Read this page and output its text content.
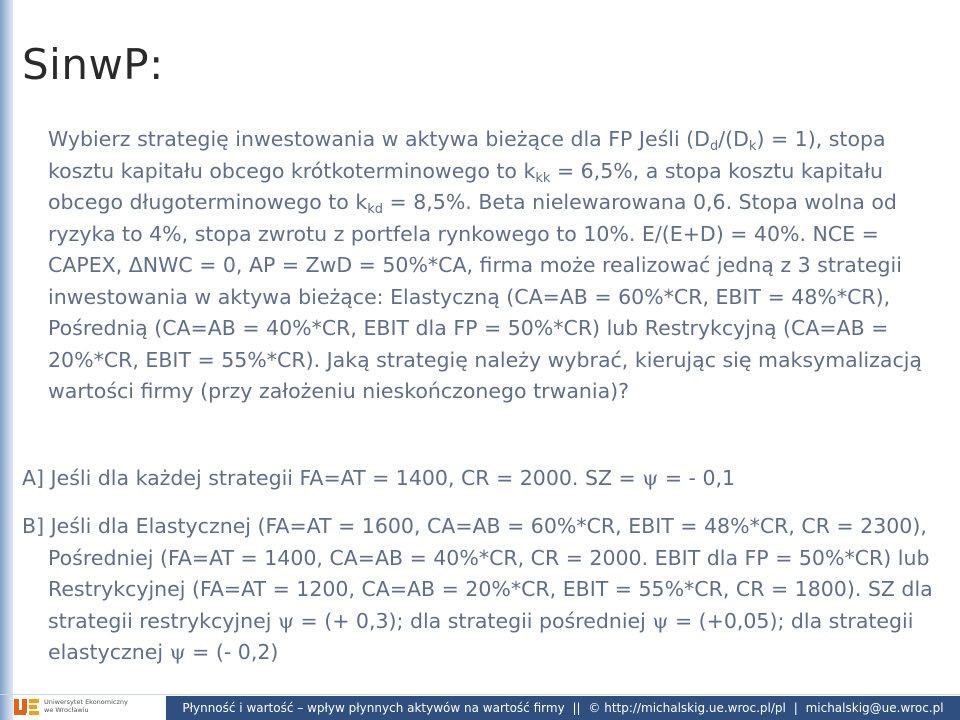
SinwP:
Wybierz strategię inwestowania w aktywa bieżące dla FP Jeśli $(D_d/(D_k) = 1)$, stopa kosztu kapitału obcego krótkoterminowego to $k_{kk} = 6,5\%$, a stopa kosztu kapitału obcego długoterminowego to $k_{kd} = 8,5\%$. Beta nielewarowana 0,6. Stopa wolna od ryzyka to 4%, stopa zwrotu z portfela rynkowego to 10%. E/(E+D) = 40%. NCE = CAPEX, ΔNWC = 0, AP = ZwD = 50%*CA, firma może realizować jedną z 3 strategii inwestowania w aktywa bieżące: Elastyczną (CA=AB = 60%*CR, EBIT = 48%*CR), Pośrednią (CA=AB = 40%*CR, EBIT dla FP = 50%*CR) lub Restrykcyjną (CA=AB = 20%*CR, EBIT = 55%*CR). Jaką strategię należy wybrać, kierując się maksymalizacją wartości firmy (przy założeniu nieskończonego trwania)?
A] Jeśli dla każdej strategii FA=AT = 1400, CR = 2000. SZ = ψ = - 0,1
B] Jeśli dla Elastycznej (FA=AT = 1600, CA=AB = 60%*CR, EBIT = 48%*CR, CR = 2300), Pośredniej (FA=AT = 1400, CA=AB = 40%*CR, CR = 2000. EBIT dla FP = 50%*CR) lub Restrykcyjnej (FA=AT = 1200, CA=AB = 20%*CR, EBIT = 55%*CR, CR = 1800). SZ dla strategii restrykcyjnej ψ = (+ 0,3); dla strategii pośredniej ψ = (+0,05); dla strategii elastycznej ψ = (- 0,2)
Uniwersytet Ekonomiczny
we Wrocławiu	Płynność i wartość – wpływ płynnych aktywów na wartość firmy || © http://michalskig.ue.wroc.pl/pl | michalskig@ue.wroc.pl
